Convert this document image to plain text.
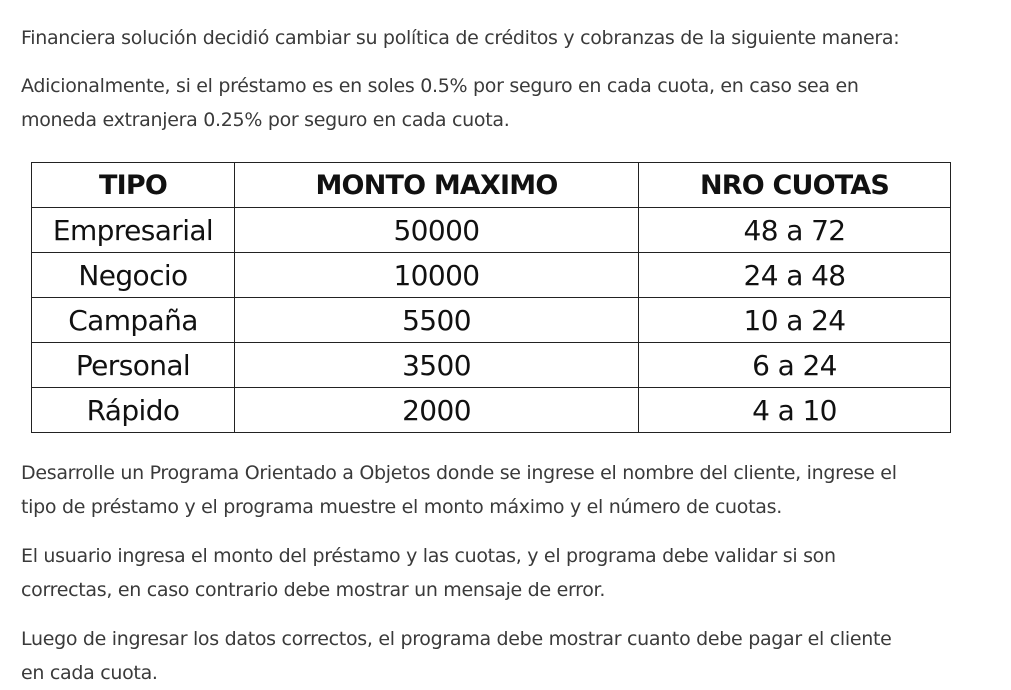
Financiera solución decidió cambiar su política de créditos y cobranzas de la siguiente manera:

Adicionalmente, si el préstamo es en soles 0.5% por seguro en cada cuota, en caso sea en
moneda extranjera 0.25% por seguro en cada cuota.

TIPO	MONTO MAXIMO	NRO CUOTAS
Empresarial	50000	48 a 72
Negocio	10000	24 a 48
Campaña	5500	10 a 24
Personal	3500	6 a 24
Rápido	2000	4 a 10

Desarrolle un Programa Orientado a Objetos donde se ingrese el nombre del cliente, ingrese el
tipo de préstamo y el programa muestre el monto máximo y el número de cuotas.

El usuario ingresa el monto del préstamo y las cuotas, y el programa debe validar si son
correctas, en caso contrario debe mostrar un mensaje de error.

Luego de ingresar los datos correctos, el programa debe mostrar cuanto debe pagar el cliente
en cada cuota.
